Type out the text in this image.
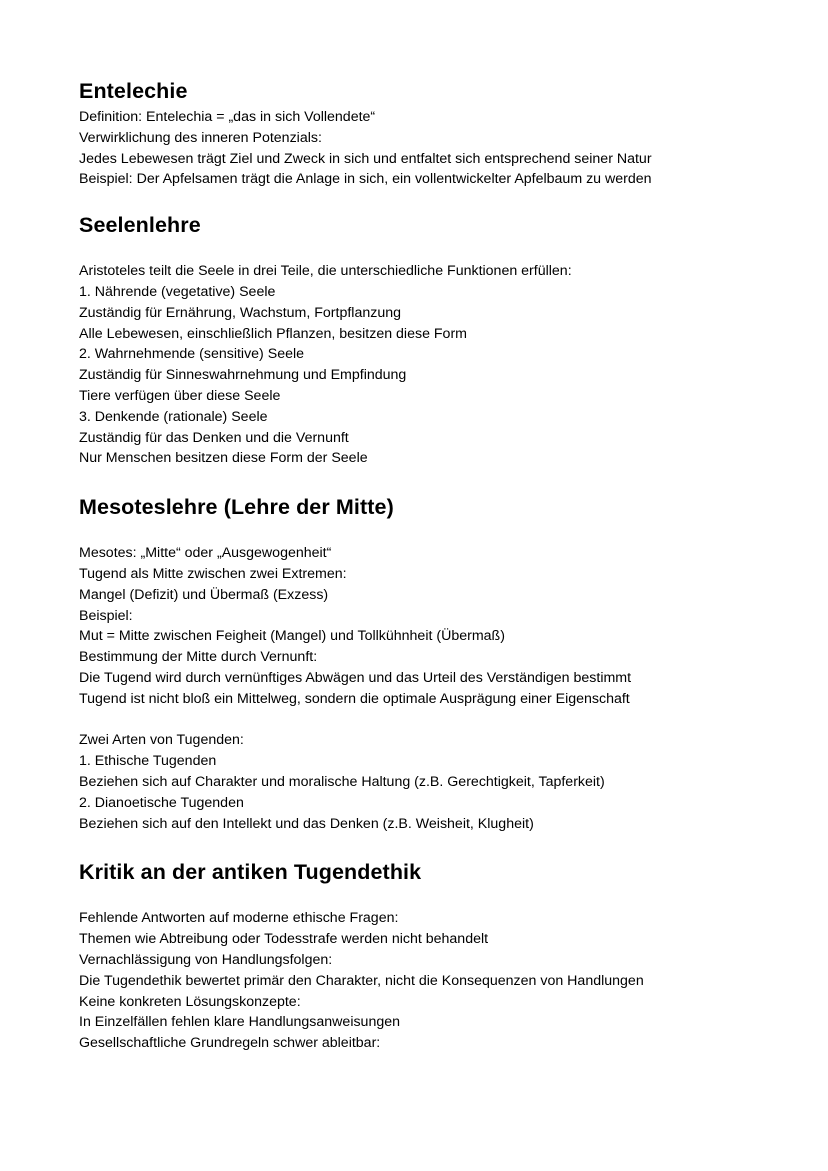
Entelechie
Definition: Entelechia = „das in sich Vollendete“
Verwirklichung des inneren Potenzials:
Jedes Lebewesen trägt Ziel und Zweck in sich und entfaltet sich entsprechend seiner Natur
Beispiel: Der Apfelsamen trägt die Anlage in sich, ein vollentwickelter Apfelbaum zu werden
Seelenlehre
Aristoteles teilt die Seele in drei Teile, die unterschiedliche Funktionen erfüllen:
1. Nährende (vegetative) Seele
Zuständig für Ernährung, Wachstum, Fortpflanzung
Alle Lebewesen, einschließlich Pflanzen, besitzen diese Form
2. Wahrnehmende (sensitive) Seele
Zuständig für Sinneswahrnehmung und Empfindung
Tiere verfügen über diese Seele
3. Denkende (rationale) Seele
Zuständig für das Denken und die Vernunft
Nur Menschen besitzen diese Form der Seele
Mesoteslehre (Lehre der Mitte)
Mesotes: „Mitte“ oder „Ausgewogenheit“
Tugend als Mitte zwischen zwei Extremen:
Mangel (Defizit) und Übermaß (Exzess)
Beispiel:
Mut = Mitte zwischen Feigheit (Mangel) und Tollkühnheit (Übermaß)
Bestimmung der Mitte durch Vernunft:
Die Tugend wird durch vernünftiges Abwägen und das Urteil des Verständigen bestimmt
Tugend ist nicht bloß ein Mittelweg, sondern die optimale Ausprägung einer Eigenschaft
Zwei Arten von Tugenden:
1. Ethische Tugenden
Beziehen sich auf Charakter und moralische Haltung (z.B. Gerechtigkeit, Tapferkeit)
2. Dianoetische Tugenden
Beziehen sich auf den Intellekt und das Denken (z.B. Weisheit, Klugheit)
Kritik an der antiken Tugendethik
Fehlende Antworten auf moderne ethische Fragen:
Themen wie Abtreibung oder Todesstrafe werden nicht behandelt
Vernachlässigung von Handlungsfolgen:
Die Tugendethik bewertet primär den Charakter, nicht die Konsequenzen von Handlungen
Keine konkreten Lösungskonzepte:
In Einzelfällen fehlen klare Handlungsanweisungen
Gesellschaftliche Grundregeln schwer ableitbar:
